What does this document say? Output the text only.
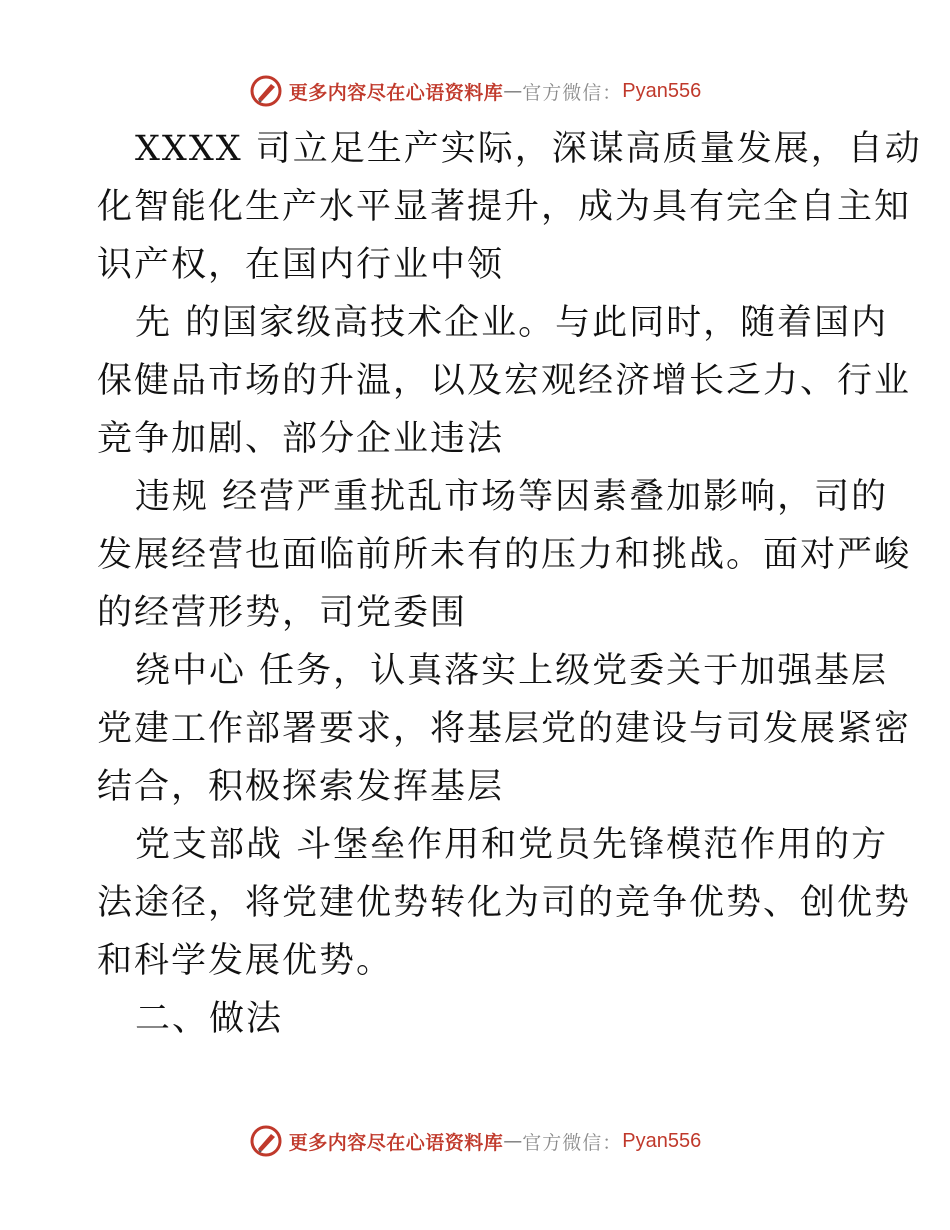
更多内容尽在心语资料库 — 官方微信： Pyan556
XXXX 司立足生产实际，深谋高质量发展，自动
化智能化生产水平显著提升，成为具有完全自主知
识产权，在国内行业中领
先 的国家级高技术企业。与此同时，随着国内
保健品市场的升温，以及宏观经济增长乏力、行业
竞争加剧、部分企业违法
违规 经营严重扰乱市场等因素叠加影响，司的
发展经营也面临前所未有的压力和挑战。面对严峻
的经营形势，司党委围
绕中心 任务，认真落实上级党委关于加强基层
党建工作部署要求，将基层党的建设与司发展紧密
结合，积极探索发挥基层
党支部战 斗堡垒作用和党员先锋模范作用的方
法途径，将党建优势转化为司的竞争优势、创优势
和科学发展优势。
二、做法
更多内容尽在心语资料库 — 官方微信： Pyan556
